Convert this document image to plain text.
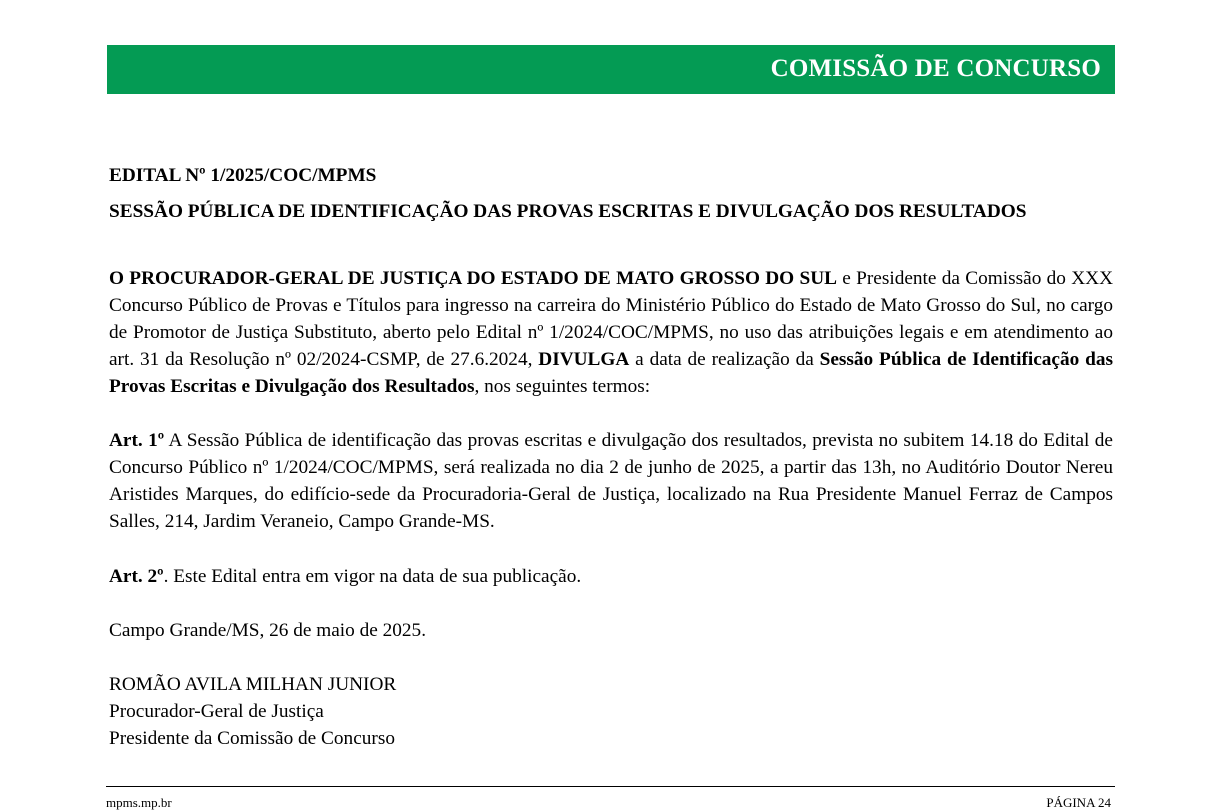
COMISSÃO DE CONCURSO
EDITAL Nº 1/2025/COC/MPMS
SESSÃO PÚBLICA DE IDENTIFICAÇÃO DAS PROVAS ESCRITAS E DIVULGAÇÃO DOS RESULTADOS
O PROCURADOR-GERAL DE JUSTIÇA DO ESTADO DE MATO GROSSO DO SUL e Presidente da Comissão do XXX Concurso Público de Provas e Títulos para ingresso na carreira do Ministério Público do Estado de Mato Grosso do Sul, no cargo de Promotor de Justiça Substituto, aberto pelo Edital nº 1/2024/COC/MPMS, no uso das atribuições legais e em atendimento ao art. 31 da Resolução nº 02/2024-CSMP, de 27.6.2024, DIVULGA a data de realização da Sessão Pública de Identificação das Provas Escritas e Divulgação dos Resultados, nos seguintes termos:
Art. 1º A Sessão Pública de identificação das provas escritas e divulgação dos resultados, prevista no subitem 14.18 do Edital de Concurso Público nº 1/2024/COC/MPMS, será realizada no dia 2 de junho de 2025, a partir das 13h, no Auditório Doutor Nereu Aristides Marques, do edifício-sede da Procuradoria-Geral de Justiça, localizado na Rua Presidente Manuel Ferraz de Campos Salles, 214, Jardim Veraneio, Campo Grande-MS.
Art. 2º. Este Edital entra em vigor na data de sua publicação.
Campo Grande/MS, 26 de maio de 2025.
ROMÃO AVILA MILHAN JUNIOR
Procurador-Geral de Justiça
Presidente da Comissão de Concurso
mpms.mp.br	PÁGINA 24
